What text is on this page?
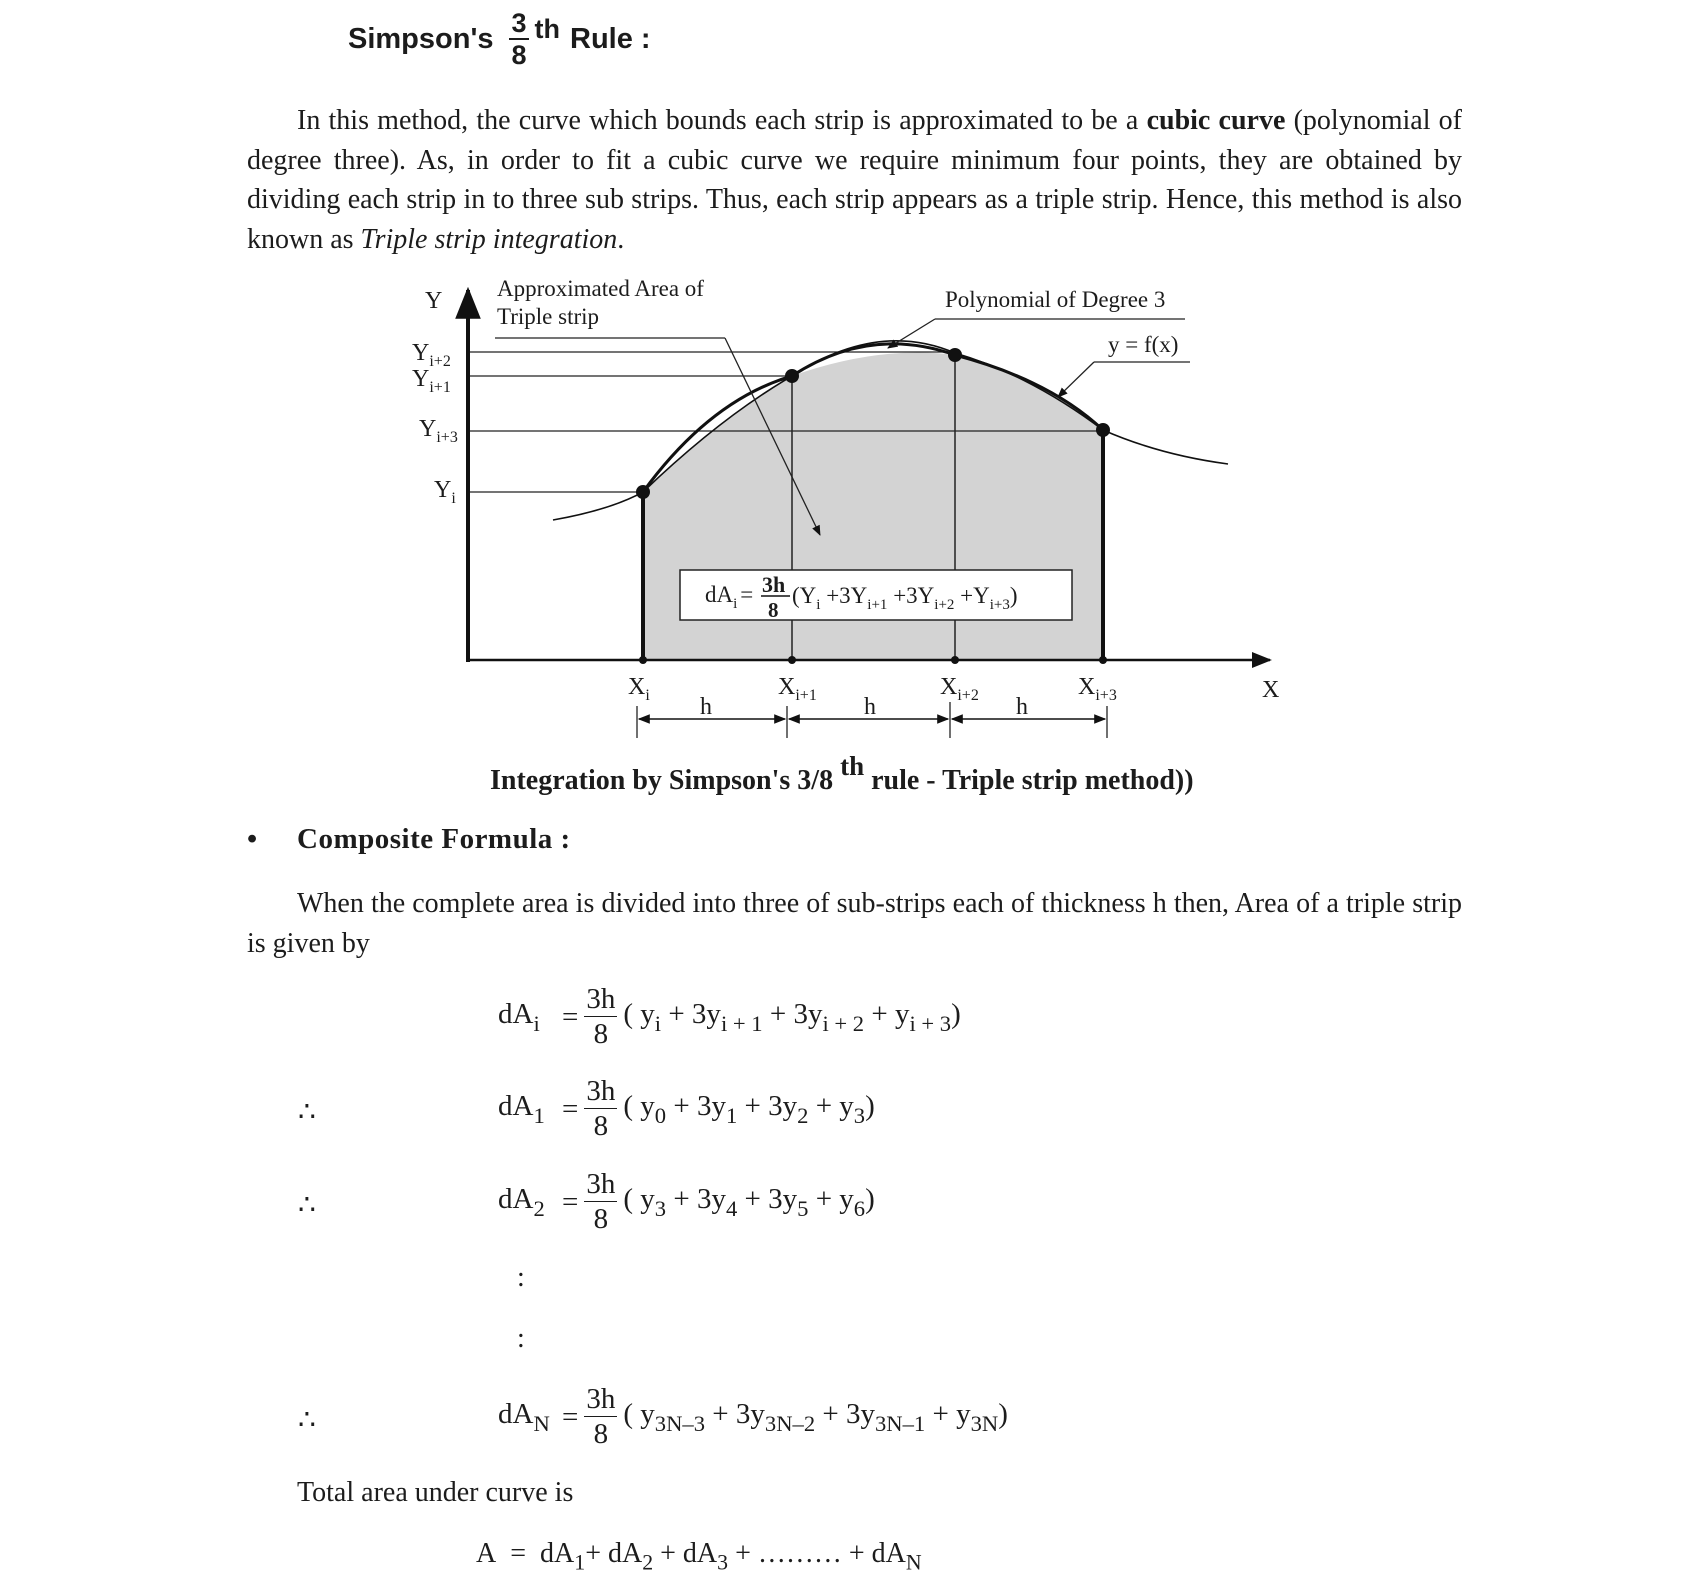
Simpson's $\frac{3}{8}$ th Rule :
In this method, the curve which bounds each strip is approximated to be a cubic curve (polynomial of degree three). As, in order to fit a cubic curve we require minimum four points, they are obtained by dividing each strip in to three sub strips. Thus, each strip appears as a triple strip. Hence, this method is also known as Triple strip integration.
Y
X
Approximated Area of
Triple strip
Polynomial of Degree 3
y = f(x)
$Y_{i+2}$
$Y_{i+1}$
$Y_{i+3}$
$Y_i$
$X_i$	$X_{i+1}$	$X_{i+2}$	$X_{i+3}$
h	h	h
$dA_i = 3h$
8
$(Y_i +3Y_{i+1} +3Y_{i+2} +Y_{i+3})$
Integration by Simpson's 3/8 th rule - Triple strip method))
• Composite Formula :
When the complete area is divided into three of sub-strips each of thickness h then, Area of a triple strip is given by
$dA_i = \frac{3h}{8}$ ( $y_i + 3y_{i + 1} + 3y_{i + 2} + y_{i + 3}$)
∴	$dA_1 = \frac{3h}{8}$ ( $y_0 + 3y_1 + 3y_2 + y_3$)
∴	$dA_2 = \frac{3h}{8}$ ( $y_3 + 3y_4 + 3y_5 + y_6$)
:
:
∴	$dA_N = \frac{3h}{8}$ ( $y_{3N-3} + 3y_{3N-2} + 3y_{3N-1} + y_{3N}$)
Total area under curve is
$A = dA_1+ dA_2 + dA_3$ + ……… + $dA_N$
